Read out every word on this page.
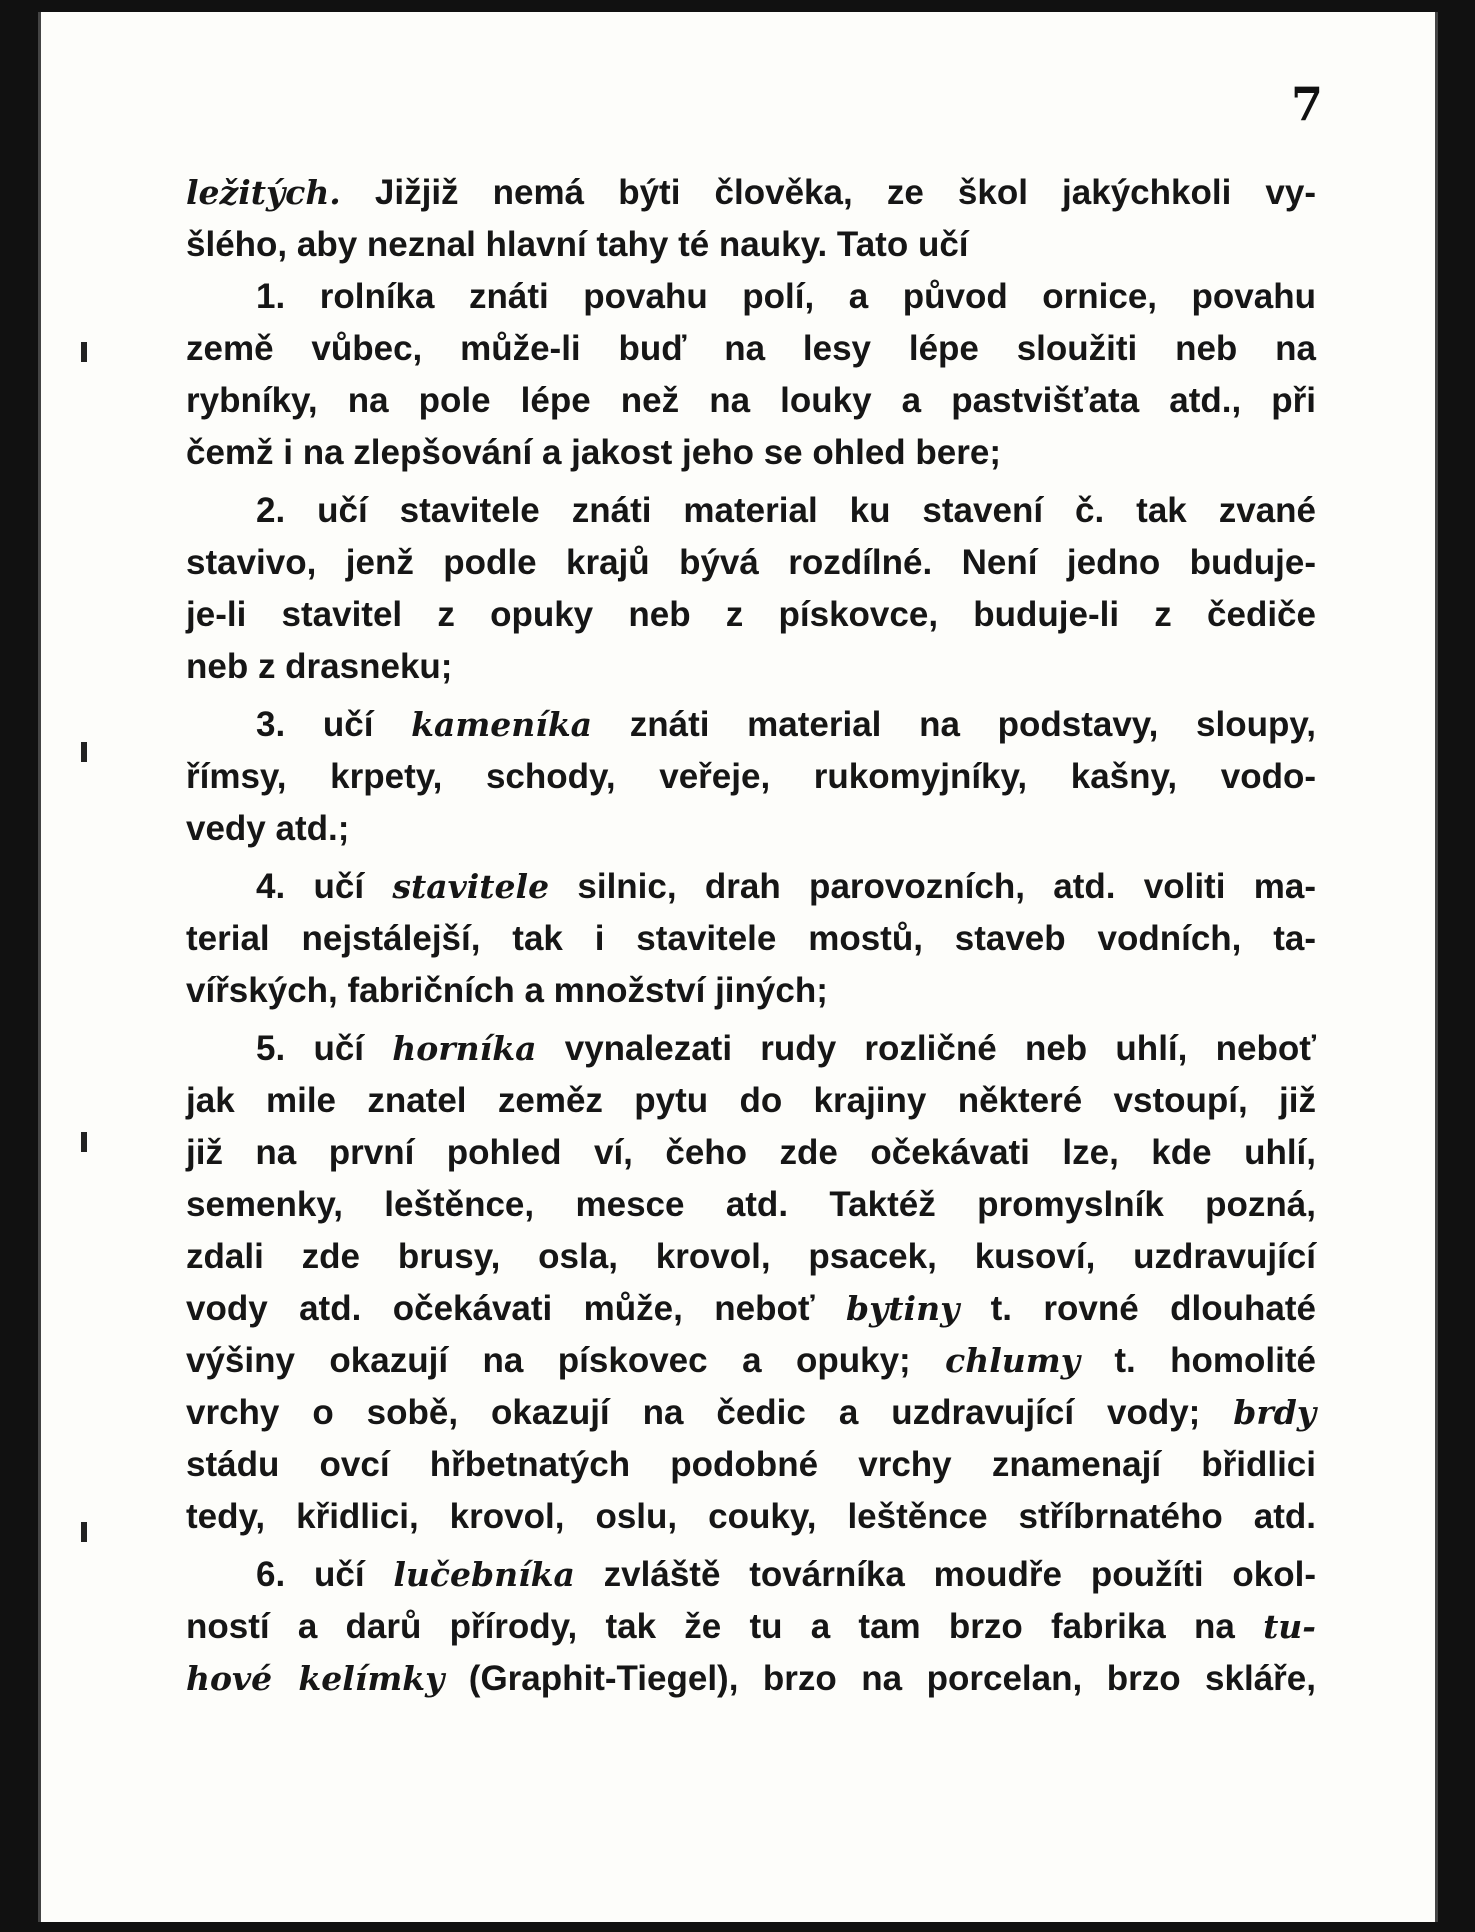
7
ležitých. Jižjiž nemá býti člověka, ze škol jakýchkoli vy-
šlého, aby neznal hlavní tahy té nauky. Tato učí
1. rolníka znáti povahu polí, a původ ornice, povahu
země vůbec, může-li buď na lesy lépe sloužiti neb na
rybníky, na pole lépe než na louky a pastvišťata atd., při
čemž i na zlepšování a jakost jeho se ohled bere;
2. učí stavitele znáti material ku stavení č. tak zvané
stavivo, jenž podle krajů bývá rozdílné. Není jedno buduje-
je-li stavitel z opuky neb z pískovce, buduje-li z čediče
neb z drasneku;
3. učí kameníka znáti material na podstavy, sloupy,
římsy, krpety, schody, veřeje, rukomyjníky, kašny, vodo-
vedy atd.;
4. učí stavitele silnic, drah parovozních, atd. voliti ma-
terial nejstálejší, tak i stavitele mostů, staveb vodních, ta-
vířských, fabričních a množství jiných;
5. učí horníka vynalezati rudy rozličné neb uhlí, neboť
jak mile znatel zeměz pytu do krajiny některé vstoupí, již
již na první pohled ví, čeho zde očekávati lze, kde uhlí,
semenky, leštěnce, mesce atd. Taktéž promyslník pozná,
zdali zde brusy, osla, krovol, psacek, kusoví, uzdravující
vody atd. očekávati může, neboť bytiny t. rovné dlouhaté
výšiny okazují na pískovec a opuky; chlumy t. homolité
vrchy o sobě, okazují na čedic a uzdravující vody; brdy
stádu ovcí hřbetnatých podobné vrchy znamenají břidlici
tedy, křidlici, krovol, oslu, couky, leštěnce stříbrnatého atd.
6. učí lučebníka zvláště továrníka moudře použíti okol-
ností a darů přírody, tak že tu a tam brzo fabrika na tu-
hové kelímky (Graphit-Tiegel), brzo na porcelan, brzo skláře,
